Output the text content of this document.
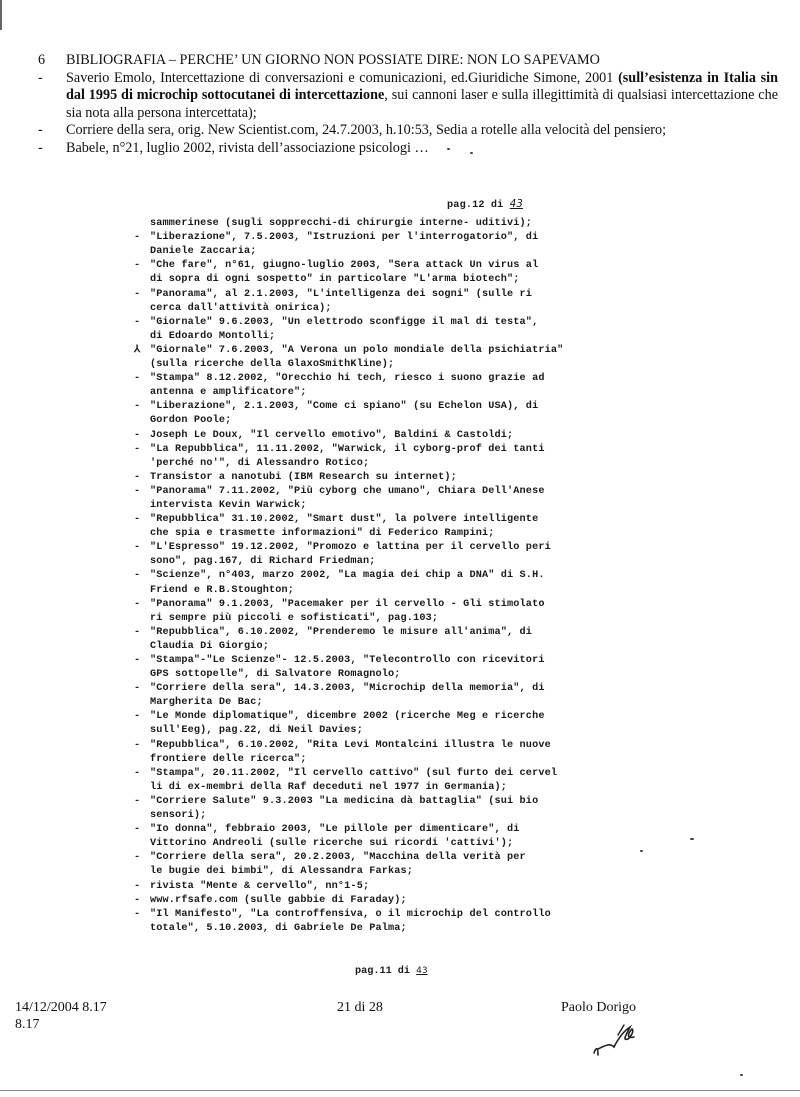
6	BIBLIOGRAFIA – PERCHE’ UN GIORNO NON POSSIATE DIRE: NON LO SAPEVAMO

-	Saverio Emolo, Intercettazione di conversazioni e comunicazioni, ed.Giuridiche Simone, 2001 (sull’esistenza in Italia sin dal 1995 di microchip sottocutanei di intercettazione, sui cannoni laser e sulla illegittimità di qualsiasi intercettazione che sia nota alla persona intercettata);
-	Corriere della sera, orig. New Scientist.com, 24.7.2003, h.10:53, Sedia a rotelle alla velocità del pensiero;
-	Babele, n°21, luglio 2002, rivista dell’associazione psicologi …
pag.12 di 43
sammerinese (sugli sopprecchi-di chirurgie interne- uditivi);
- "Liberazione", 7.5.2003, "Istruzioni per l'interrogatorio", di
Daniele Zaccaria;
- "Che fare", n°61, giugno-luglio 2003, "Sera attack Un virus al
di sopra di ogni sospetto" in particolare "L'arma biotech";
- "Panorama", al 2.1.2003, "L'intelligenza dei sogni" (sulle ri
cerca dall'attività onirica);
- "Giornale" 9.6.2003, "Un elettrodo sconfigge il mal di testa",
di Edoardo Montolli;
⅄ "Giornale" 7.6.2003, "A Verona un polo mondiale della psichiatria"
(sulla ricerche della GlaxoSmithKline);
- "Stampa" 8.12.2002, "Orecchio hi tech, riesco i suono grazie ad
antenna e amplificatore";
- "Liberazione", 2.1.2003, "Come ci spiano" (su Echelon USA), di
Gordon Poole;
- Joseph Le Doux, "Il cervello emotivo", Baldini & Castoldi;
- "La Repubblica", 11.11.2002, "Warwick, il cyborg-prof dei tanti
'perché no'", di Alessandro Rotico;
- Transistor a nanotubi (IBM Research su internet);
- "Panorama" 7.11.2002, "Più cyborg che umano", Chiara Dell'Anese
intervista Kevin Warwick;
- "Repubblica" 31.10.2002, "Smart dust", la polvere intelligente
che spia e trasmette informazioni" di Federico Rampini;
- "L'Espresso" 19.12.2002, "Promozo e lattina per il cervello peri
sono", pag.167, di Richard Friedman;
- "Scienze", n°403, marzo 2002, "La magia dei chip a DNA" di S.H.
Friend e R.B.Stoughton;
- "Panorama" 9.1.2003, "Pacemaker per il cervello - Gli stimolato
ri sempre più piccoli e sofisticati", pag.103;
- "Repubblica", 6.10.2002, "Prenderemo le misure all'anima", di
Claudia Di Giorgio;
- "Stampa"-"Le Scienze"- 12.5.2003, "Telecontrollo con ricevitori
GPS sottopelle", di Salvatore Romagnolo;
- "Corriere della sera", 14.3.2003, "Microchip della memoria", di
Margherita De Bac;
- "Le Monde diplomatique", dicembre 2002 (ricerche Meg e ricerche
sull'Eeg), pag.22, di Neil Davies;
- "Repubblica", 6.10.2002, "Rita Levi Montalcini illustra le nuove
frontiere delle ricerca";
- "Stampa", 20.11.2002, "Il cervello cattivo" (sul furto dei cervel
li di ex-membri della Raf deceduti nel 1977 in Germania);
- "Corriere Salute" 9.3.2003 "La medicina dà battaglia" (sui bio
sensori);
- "Io donna", febbraio 2003, "Le pillole per dimenticare", di
Vittorino Andreoli (sulle ricerche sui ricordi 'cattivi');
- "Corriere della sera", 20.2.2003, "Macchina della verità per
le bugie dei bimbi", di Alessandra Farkas;
- rivista "Mente & cervello", nn°1-5;
- www.rfsafe.com (sulle gabbie di Faraday);
- "Il Manifesto", "La controffensiva, o il microchip del controllo
totale", 5.10.2003, di Gabriele De Palma;
pag.11 di 43
14/12/2004 8.17
8.17
21 di 28	Paolo Dorigo
